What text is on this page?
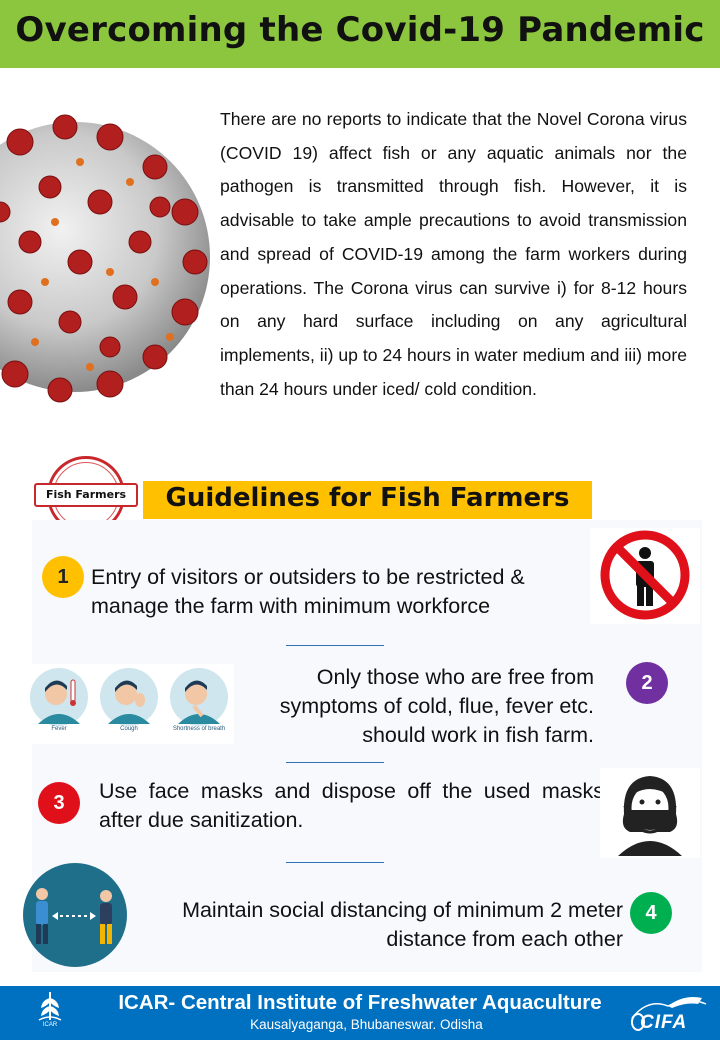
Overcoming the Covid-19 Pandemic

There are no reports to indicate that the Novel Corona virus (COVID 19) affect fish or any aquatic animals nor the pathogen is transmitted through fish. However, it is advisable to take ample precautions to avoid transmission and spread of COVID-19 among the farm workers during operations. The Corona virus can survive i) for 8-12 hours on any hard surface including on any agricultural implements, ii) up to 24 hours in water medium and iii) more than 24 hours under iced/ cold condition.

Fish Farmers	Guidelines for Fish Farmers
1	Entry of visitors or outsiders to be restricted & manage the farm with minimum workforce
Fever	Cough	Shortness of breath
Only those who are free from symptoms of cold, flue, fever etc. should work in fish farm.
2
3	Use face masks and dispose off the used masks after due sanitization.
Maintain social distancing of minimum 2 meter distance from each other
4
ICAR
ICAR- Central Institute of Freshwater Aquaculture
Kausalyaganga, Bhubaneswar. Odisha	CIFA
